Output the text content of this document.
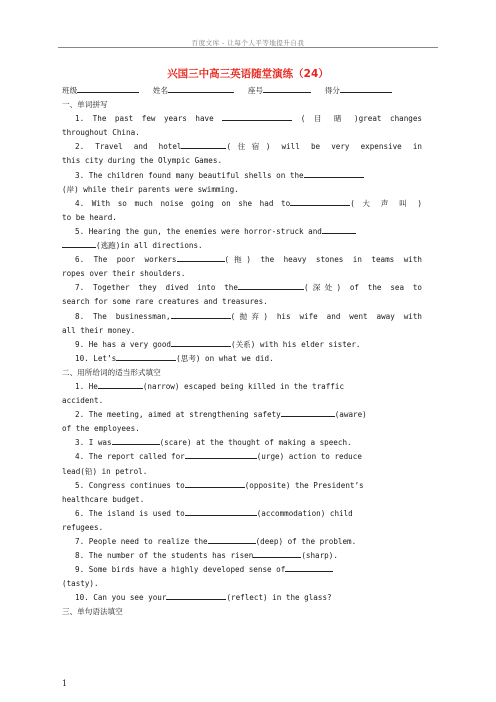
百度文库 - 让每个人平等地提升自我
兴国三中高三英语随堂演练（24）
班级	姓名	座号	得分
一、单词拼写
1. The past few years have	( 目 睹 )great changes
throughout China.
2. Travel and hotel	(住宿) will be very expensive in
this city during the Olympic Games.
3. The children found many beautiful shells on the
(岸) while their parents were swimming.
4. With so much noise going on she had to	( 大 声 叫 )
to be heard.
5. Hearing the gun, the enemies were horror-struck and
(逃跑)in all directions.
6. The poor workers	(拖) the heavy stones in teams with
ropes over their shoulders.
7. Together they dived into the	(深处) of the sea to
search for some rare creatures and treasures.
8. The businessman,	(抛弃) his wife and went away with
all their money.
9. He has a very good	(关系) with his elder sister.
10. Let’s	(思考) on what we did.
二、用所给词的适当形式填空
1. He	(narrow) escaped being killed in the traffic
accident.
2. The meeting, aimed at strengthening safety	(aware)
of the employees.
3. I was	(scare) at the thought of making a speech.
4. The report called for	(urge) action to reduce
lead(铅) in petrol.
5. Congress continues to	(opposite) the President’s
healthcare budget.
6. The island is used to	(accommodation) child
refugees.
7. People need to realize the	(deep) of the problem.
8. The number of the students has risen	(sharp).
9. Some birds have a highly developed sense of
(tasty).
10. Can you see your	(reflect) in the glass?
三、单句语法填空
1
